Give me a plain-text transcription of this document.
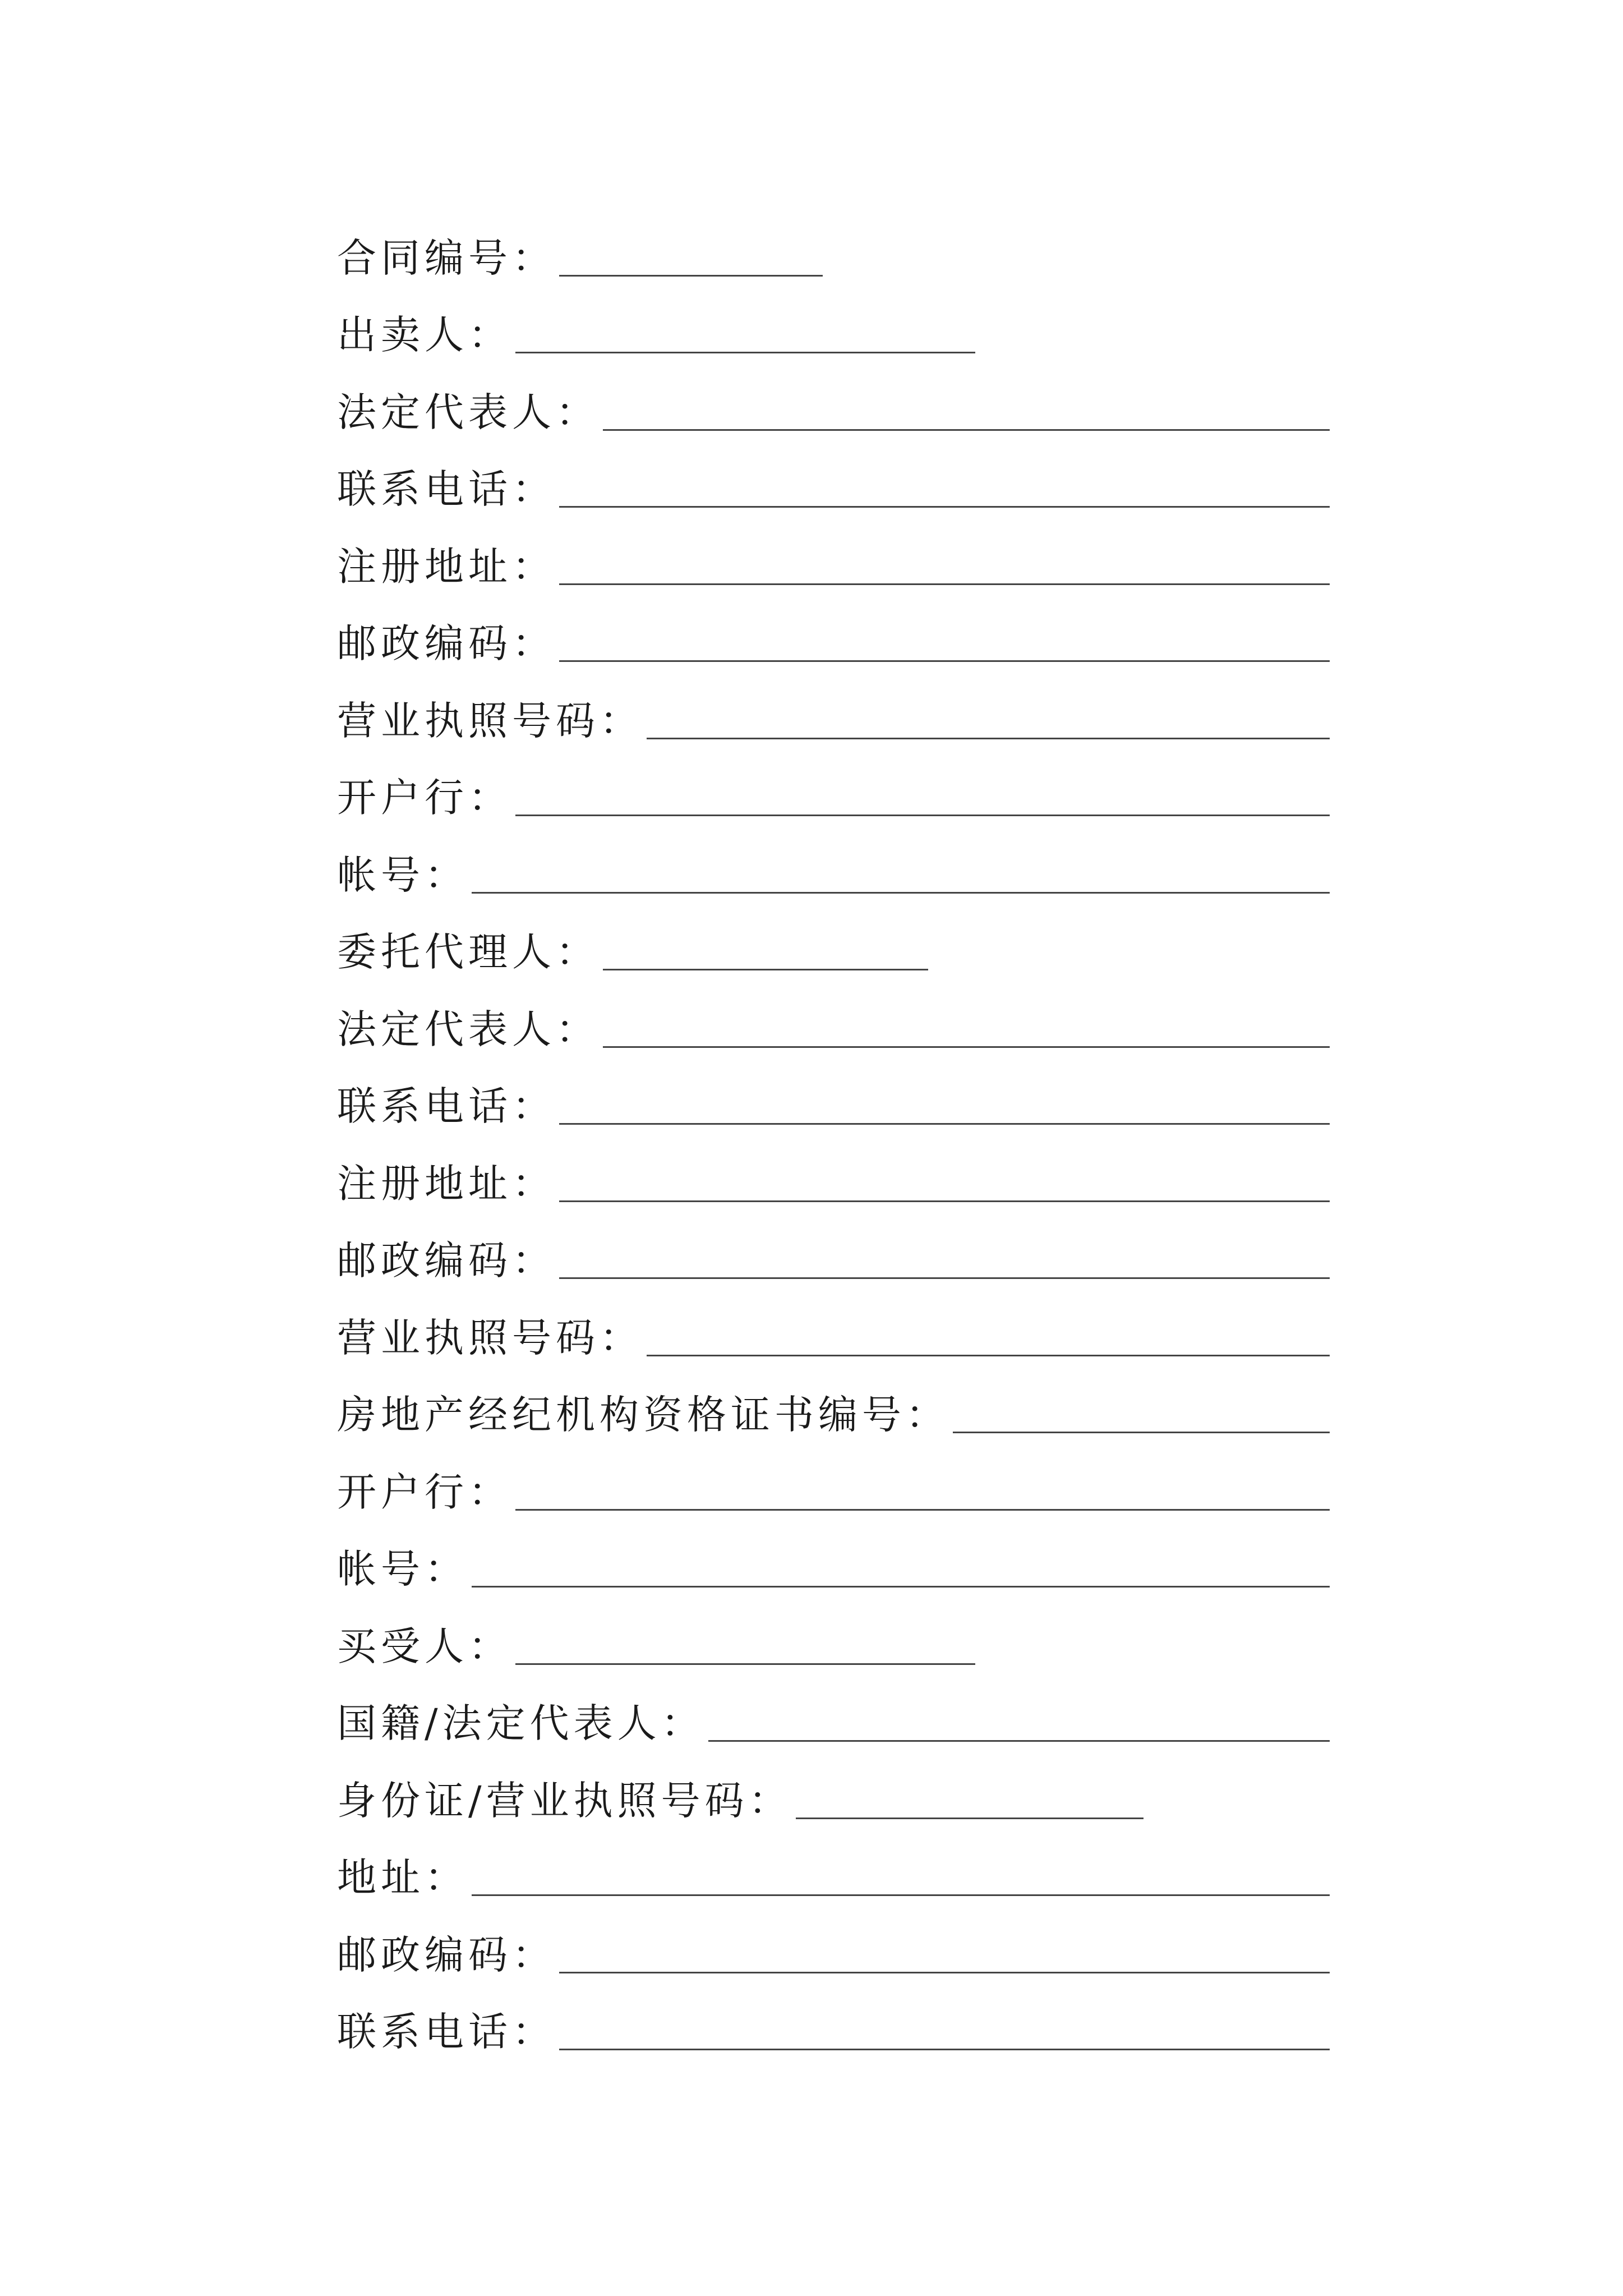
合同编号：
出卖人：
法定代表人：
联系电话：
注册地址：
邮政编码：
营业执照号码：
开户行：
帐号：
委托代理人：
法定代表人：
联系电话：
注册地址：
邮政编码：
营业执照号码：
房地产经纪机构资格证书编号：
开户行：
帐号：
买受人：
国籍/法定代表人：
身份证/营业执照号码：
地址：
邮政编码：
联系电话：
